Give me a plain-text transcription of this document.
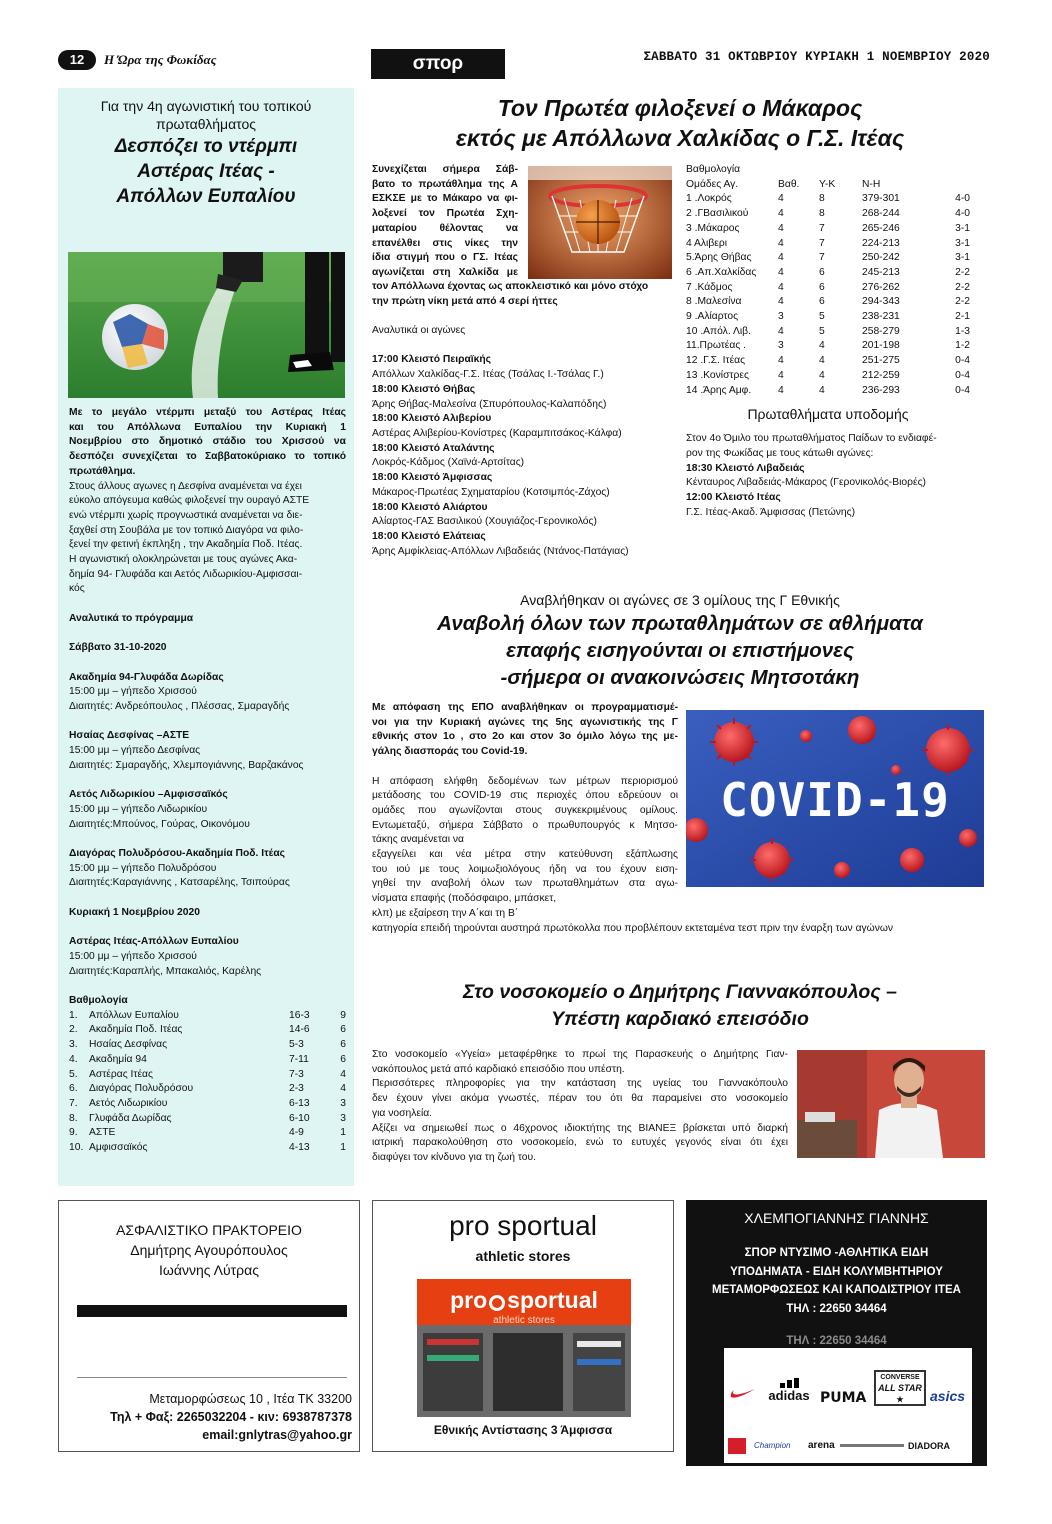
12	Η Ώρα της Φωκίδας	σπορ	ΣΑΒΒΑΤΟ 31 ΟΚΤΩΒΡΙΟΥ ΚΥΡΙΑΚΗ 1 ΝΟΕΜΒΡΙΟΥ 2020
Για την 4η αγωνιστική του τοπικού
πρωταθλήματος
Δεσπόζει το ντέρμπι
Αστέρας Ιτέας -
Απόλλων Ευπαλίου
Με το μεγάλο ντέρμπι μεταξύ του Αστέρας Ιτέας
και του Απόλλωνα Ευπαλίου την Κυριακή 1
Νοεμβρίου στο δημοτικό στάδιο του Χρισσού να
δεσπόζει συνεχίζεται το Σαββατοκύριακο το τοπικό
πρωτάθλημα.
Στους άλλους αγωνες η Δεσφίνα αναμένεται να έχει
εύκολο απόγευμα καθώς φιλοξενεί την ουραγό ΑΣΤΕ
ενώ ντέρμπι χωρίς προγνωστικά αναμένεται να διε-
ξαχθεί στη Σουβάλα με τον τοπικό Διαγόρα να φιλο-
ξενεί την φετινή έκπληξη , την Ακαδημία Ποδ. Ιτέας.
Η αγωνιστική ολοκληρώνεται με τους αγώνες Ακα-
δημία 94- Γλυφάδα και Αετός Λιδωρικίου-Αμφισσαι-
κός
Αναλυτικά το πρόγραμμα
Σάββατο 31-10-2020
Ακαδημία 94-Γλυφάδα Δωρίδας
15:00 μμ – γήπεδο Χρισσού
Διαιτητές: Ανδρεόπουλος , Πλέσσας, Σμαραγδής
Ησαίας Δεσφίνας –ΑΣΤΕ
15:00 μμ – γήπεδο Δεσφίνας
Διαιτητές: Σμαραγδής, Χλεμπογιάννης, Βαρζακάνος
Αετός Λιδωρικίου –Αμφισσαϊκός
15:00 μμ – γήπεδο Λιδωρικίου
Διαιτητές:Μπούνος, Γούρας, Οικονόμου
Διαγόρας Πολυδρόσου-Ακαδημία Ποδ. Ιτέας
15:00 μμ – γήπεδο Πολυδρόσου
Διαιτητές:Καραγιάννης , Κατσαρέλης, Τσιπούρας
Κυριακή 1 Νοεμβρίου 2020
Αστέρας Ιτέας-Απόλλων Ευπαλίου
15:00 μμ – γήπεδο Χρισσού
Διαιτητές:Καραπλής, Μπακαλιός, Καρέλης
Βαθμολογία
1.	Απόλλων Ευπαλίου	16-3	9
2.	Ακαδημία Ποδ. Ιτέας	14-6	6
3.	Ησαίας Δεσφίνας	5-3	6
4.	Ακαδημία 94	7-11	6
5.	Αστέρας Ιτέας	7-3	4
6.	Διαγόρας Πολυδρόσου	2-3	4
7.	Αετός Λιδωρικίου	6-13	3
8.	Γλυφάδα Δωρίδας	6-10	3
9.	ΑΣΤΕ	4-9	1
10.	Αμφισσαϊκός	4-13	1
Τον Πρωτέα φιλοξενεί ο Μάκαρος
εκτός με Απόλλωνα Χαλκίδας ο Γ.Σ. Ιτέας
Συνεχίζεται σήμερα Σάβ-
βατο το πρωτάθλημα της Α
ΕΣΚΣΕ με το Μάκαρο να φι-
λοξενεί τον Πρωτέα Σχη-
ματαρίου θέλοντας να
επανέλθει στις νίκες την
ίδια στιγμή που ο ΓΣ. Ιτέας
αγωνίζεται στη Χαλκίδα με
τον Απόλλωνα έχοντας ως αποκλειστικό και μόνο στόχο
την πρώτη νίκη μετά από 4 σερί ήττες
Αναλυτικά οι αγώνες
17:00 Κλειστό Πειραϊκής
Απόλλων Χαλκίδας-Γ.Σ. Ιτέας (Τσάλας Ι.-Τσάλας Γ.)
18:00 Κλειστό Θήβας
Άρης Θήβας-Μαλεσίνα (Σπυρόπουλος-Καλαπόδης)
18:00 Κλειστό Αλιβερίου
Αστέρας Αλιβερίου-Κονίστρες (Καραμπιτσάκος-Κάλφα)
18:00 Κλειστό Αταλάντης
Λοκρός-Κάδμος (Χαϊνά-Αρτσίτας)
18:00 Κλειστό Άμφισσας
Μάκαρος-Πρωτέας Σχηματαρίου (Κοτσιμπός-Ζάχος)
18:00 Κλειστό Αλιάρτου
Αλίαρτος-ΓΑΣ Βασιλικού (Χουγιάζος-Γερονικολός)
18:00 Κλειστό Ελάτειας
Άρης Αμφίκλειας-Απόλλων Λιβαδειάς (Ντάνος-Πατάγιας)
Βαθμολογία				
Ομάδες Αγ.	Βαθ.	Υ-Κ	Ν-Η	
1 .Λοκρός	4	8	379-301	4-0
2 .ΓΒασιλικού	4	8	268-244	4-0
3 .Μάκαρος	4	7	265-246	3-1
4 Αλιβερι	4	7	224-213	3-1
5.Άρης Θήβας	4	7	250-242	3-1
6 .Απ.Χαλκίδας	4	6	245-213	2-2
7 .Κάδμος	4	6	276-262	2-2
8 .Μαλεσίνα	4	6	294-343	2-2
9 .Αλίαρτος	3	5	238-231	2-1
10 .Απόλ. Λιβ.	4	5	258-279	1-3
11.Πρωτέας .	3	4	201-198	1-2
12 .Γ.Σ. Ιτέας	4	4	251-275	0-4
13 .Κονίστρες	4	4	212-259	0-4
14 .Άρης Αμφ.	4	4	236-293	0-4
Πρωταθλήματα υποδομής
Στον 4ο Όμιλο του πρωταθλήματος Παίδων το ενδιαφέ-
ρον της Φωκίδας με τους κάτωθι αγώνες:
18:30 Κλειστό Λιβαδειάς
Κένταυρος Λιβαδειάς-Μάκαρος (Γερονικολός-Βιορές)
12:00 Κλειστό Ιτέας
Γ.Σ. Ιτέας-Ακαδ. Άμφισσας (Πετώνης)
Αναβλήθηκαν οι αγώνες σε 3 ομίλους της Γ Εθνικής
Αναβολή όλων των πρωταθλημάτων σε αθλήματα
επαφής εισηγούνται οι επιστήμονες
-σήμερα οι ανακοινώσεις Μητσοτάκη
Με απόφαση της ΕΠΟ αναβλήθηκαν οι προγραμματισμέ-
νοι για την Κυριακή αγώνες της 5ης αγωνιστικής της Γ
εθνικής στον 1ο , στο 2ο και στον 3ο όμιλο λόγω της με-
γάλης διασποράς του Covid-19.
Η απόφαση ελήφθη δεδομένων των μέτρων περιορισμού
μετάδοσης του COVID-19 στις περιοχές όπου εδρεύουν οι
ομάδες που αγωνίζονται στους συγκεκριμένους ομίλους.
Εντωμεταξύ, σήμερα Σάββατο ο πρωθυπουργός κ Μητσο-
τάκης αναμένεται να
εξαγγείλει και νέα μέτρα στην κατεύθυνση εξάπλωσης
του ιού με τους λοιμωξιολόγους ήδη να του έχουν ειση-
γηθεί την αναβολή όλων των πρωταθλημάτων στα αγω-
νίσματα επαφής (ποδόσφαιρο, μπάσκετ,
κλπ) με εξαίρεση την Α΄και τη Β΄
κατηγορία επειδή τηρούνται αυστηρά πρωτόκολλα που προβλέπουν εκτεταμένα τεστ πριν την έναρξη των αγώνων
COVID-19
Στο νοσοκομείο ο Δημήτρης Γιαννακόπουλος –
Υπέστη καρδιακό επεισόδιο
Στο νοσοκομείο «Υγεία» μεταφέρθηκε το πρωί της Παρασκευής ο Δημήτρης Γιαν-
νακόπουλος μετά από καρδιακό επεισόδιο που υπέστη.
Περισσότερες πληροφορίες για την κατάσταση της υγείας του Γιαννακόπουλο
δεν έχουν γίνει ακόμα γνωστές, πέραν του ότι θα παραμείνει στο νοσοκομείο
για νοσηλεία.
Αξίζει να σημειωθεί πως ο 46χρονος ιδιοκτήτης της ΒΙΑΝΕΞ βρίσκεται υπό διαρκή
ιατρική παρακολούθηση στο νοσοκομείο, ενώ το ευτυχές γεγονός είναι ότι έχει
διαφύγει τον κίνδυνο για τη ζωή του.
ΑΣΦΑΛΙΣΤΙΚΟ ΠΡΑΚΤΟΡΕΙΟ
Δημήτρης Αγουρόπουλος
Ιωάννης Λύτρας
Μεταμορφώσεως 10 , Ιτέα ΤΚ 33200
Τηλ + Φαξ: 2265032204 - κιν: 6938787378
email:gnlytras@yahoo.gr
pro sportual
athletic stores
pro sportual
athletic stores
Εθνικής Αντίστασης 3 Άμφισσα
ΧΛΕΜΠΟΓΙΑΝΝΗΣ ΓΙΑΝΝΗΣ
ΣΠΟΡ ΝΤΥΣΙΜΟ -ΑΘΛΗΤΙΚΑ ΕΙΔΗ
ΥΠΟΔΗΜΑΤΑ - ΕΙΔΗ ΚΟΛΥΜΒΗΤΗΡΙΟΥ
ΜΕΤΑΜΟΡΦΩΣΕΩΣ ΚΑΙ ΚΑΠΟΔΙΣΤΡΙΟΥ ΙΤΕΑ
ΤΗΛ : 22650 34464
ΤΗΛ : 22650 34464
adidas PUMA
CONVERSE
ALL STAR
★	asics
Champion arena	DIADORA
